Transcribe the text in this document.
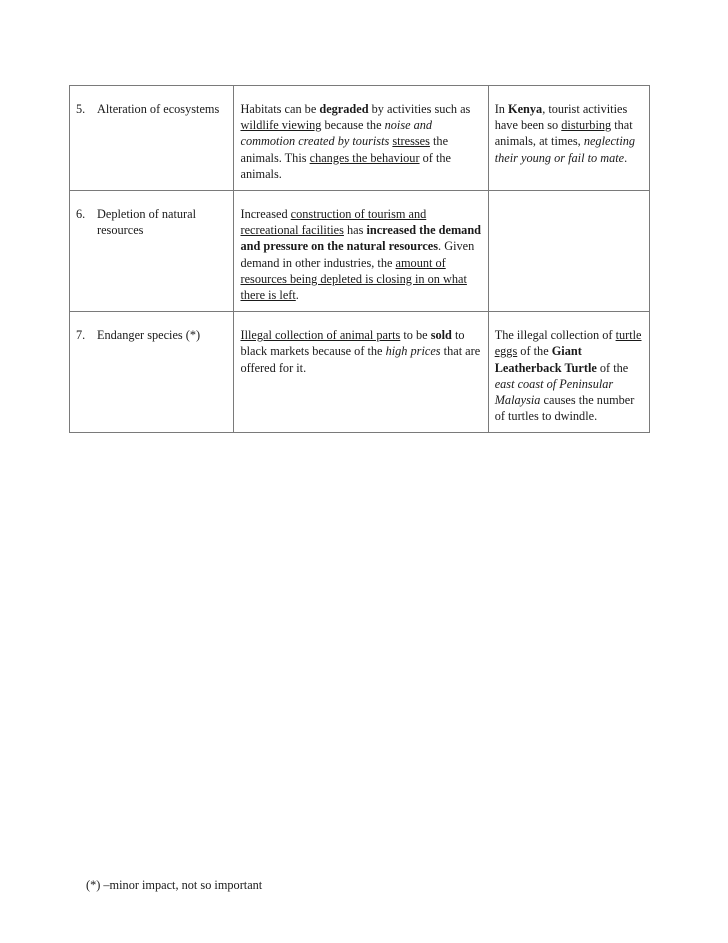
5. Alteration of ecosystems	Habitats can be degraded by activities such as wildlife viewing because the noise and commotion created by tourists stresses the animals. This changes the behaviour of the animals.	In Kenya, tourist activities have been so disturbing that animals, at times, neglecting their young or fail to mate.

6. Depletion of natural resources	Increased construction of tourism and recreational facilities has increased the demand and pressure on the natural resources. Given demand in other industries, the amount of resources being depleted is closing in on what there is left.	

7. Endanger species (*)	Illegal collection of animal parts to be sold to black markets because of the high prices that are offered for it.	The illegal collection of turtle eggs of the Giant Leatherback Turtle of the east coast of Peninsular Malaysia causes the number of turtles to dwindle.
(*) –minor impact, not so important
